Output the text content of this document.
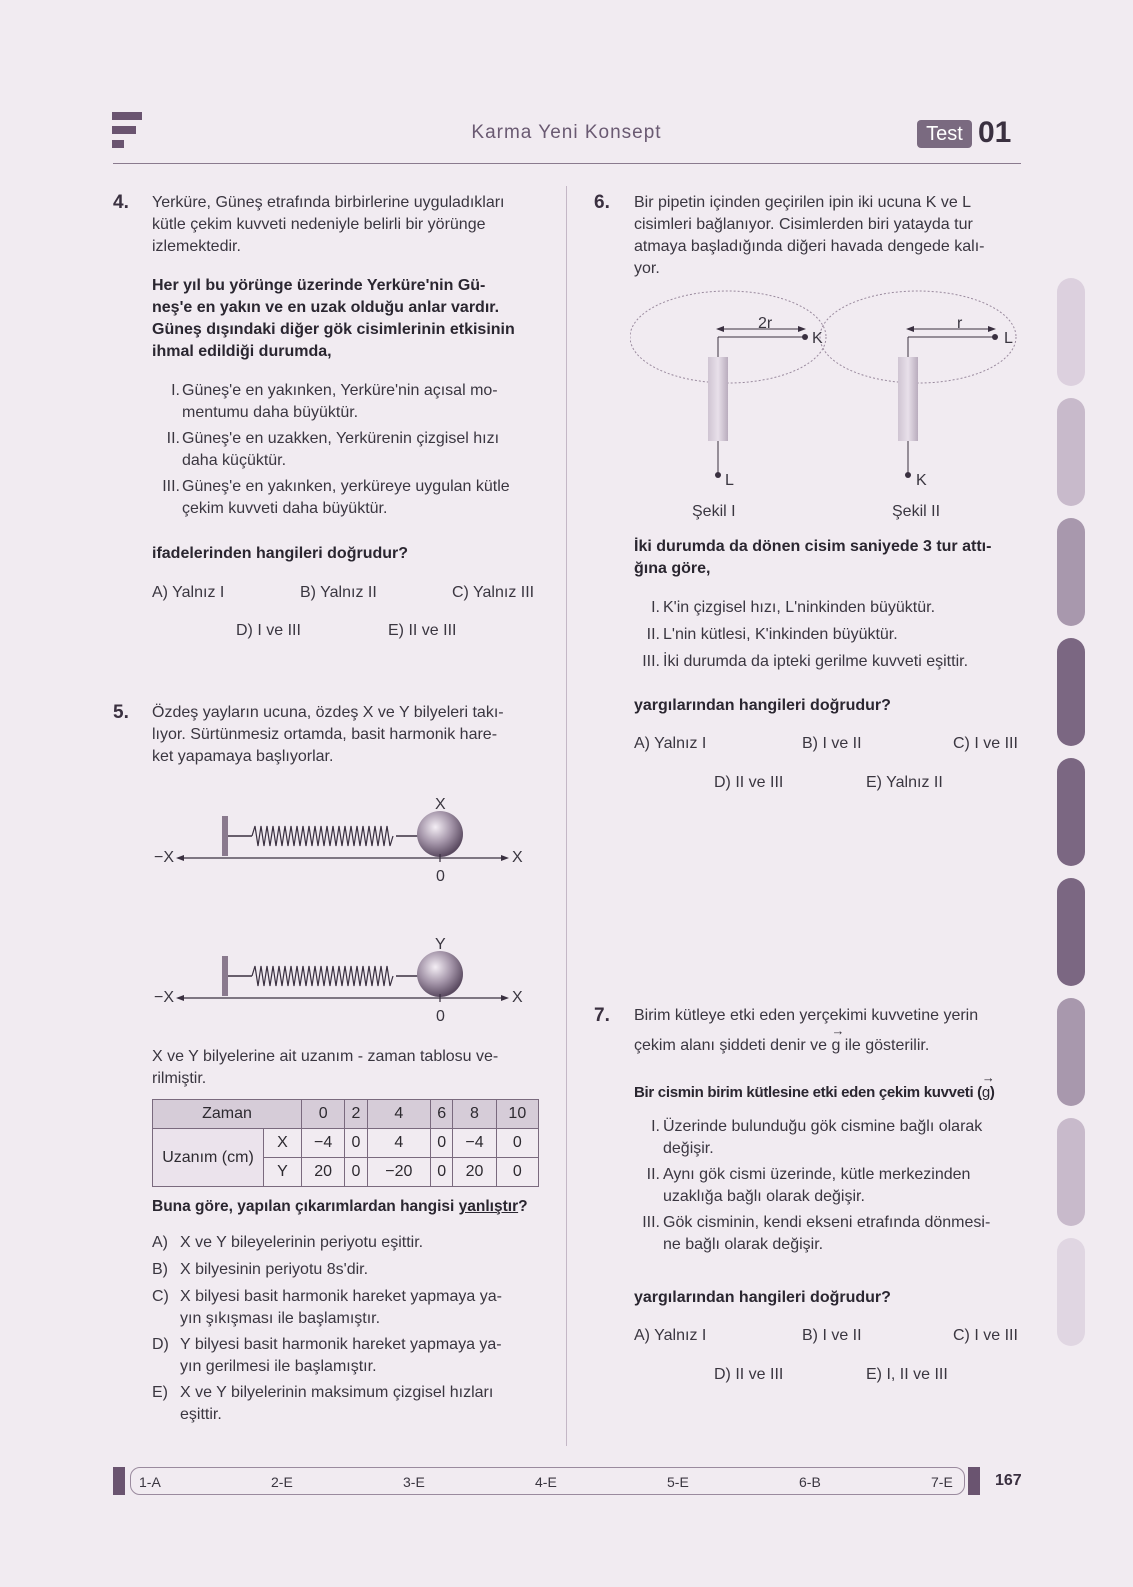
Karma Yeni Konsept	Test 01
4. Yerküre, Güneş etrafında birbirlerine uyguladıkları
kütle çekim kuvveti nedeniyle belirli bir yörünge
izlemektedir.
Her yıl bu yörünge üzerinde Yerküre'nin Gü-
neş'e en yakın ve en uzak olduğu anlar vardır.
Güneş dışındaki diğer gök cisimlerinin etkisinin
ihmal edildiği durumda,
I. Güneş'e en yakınken, Yerküre'nin açısal mo-
mentumu daha büyüktür.
II. Güneş'e en uzakken, Yerkürenin çizgisel hızı
daha küçüktür.
III. Güneş'e en yakınken, yerküreye uygulan kütle
çekim kuvveti daha büyüktür.
ifadelerinden hangileri doğrudur?
A) Yalnız I	B) Yalnız II	C) Yalnız III
D) I ve III	E) II ve III
5. Özdeş yayların ucuna, özdeş X ve Y bilyeleri takı-
lıyor. Sürtünmesiz ortamda, basit harmonik hare-
ket yapamaya başlıyorlar.
X
−X	X
0
Y
−X	X
0
X ve Y bilyelerine ait uzanım - zaman tablosu ve-
rilmiştir.
Zaman		0	2	4	6	8	10
Uzanım (cm)	X	−4	0	4	0	−4	0
	Y	20	0	−20	0	20	0
Buna göre, yapılan çıkarımlardan hangisi yanlıştır?
A) X ve Y bileyelerinin periyotu eşittir.
B) X bilyesinin periyotu 8s'dir.
C) X bilyesi basit harmonik hareket yapmaya ya-
yın şıkışması ile başlamıştır.
D) Y bilyesi basit harmonik hareket yapmaya ya-
yın gerilmesi ile başlamıştır.
E) X ve Y bilyelerinin maksimum çizgisel hızları
eşittir.
6. Bir pipetin içinden geçirilen ipin iki ucuna K ve L
cisimleri bağlanıyor. Cisimlerden biri yatayda tur
atmaya başladığında diğeri havada dengede kalı-
yor.
2r
K
L
Şekil I
r
L
K
Şekil II
İki durumda da dönen cisim saniyede 3 tur attı-
ğına göre,
I. K'in çizgisel hızı, L'ninkinden büyüktür.
II. L'nin kütlesi, K'inkinden büyüktür.
III. İki durumda da ipteki gerilme kuvveti eşittir.
yargılarından hangileri doğrudur?
A) Yalnız I	B) I ve II	C) I ve III
D) II ve III	E) Yalnız II
7. Birim kütleye etki eden yerçekimi kuvvetine yerin
çekim alanı şiddeti denir ve
→
g ile gösterilir.
Bir cismin birim kütlesine etki eden çekim kuvveti (
→
g)
I. Üzerinde bulunduğu gök cismine bağlı olarak
değişir.
II. Aynı gök cismi üzerinde, kütle merkezinden
uzaklığa bağlı olarak değişir.
III. Gök cisminin, kendi ekseni etrafında dönmesi-
ne bağlı olarak değişir.
yargılarından hangileri doğrudur?
A) Yalnız I	B) I ve II	C) I ve III
D) II ve III	E) I, II ve III
1-A	2-E	3-E	4-E	5-E	6-B	7-E	167
